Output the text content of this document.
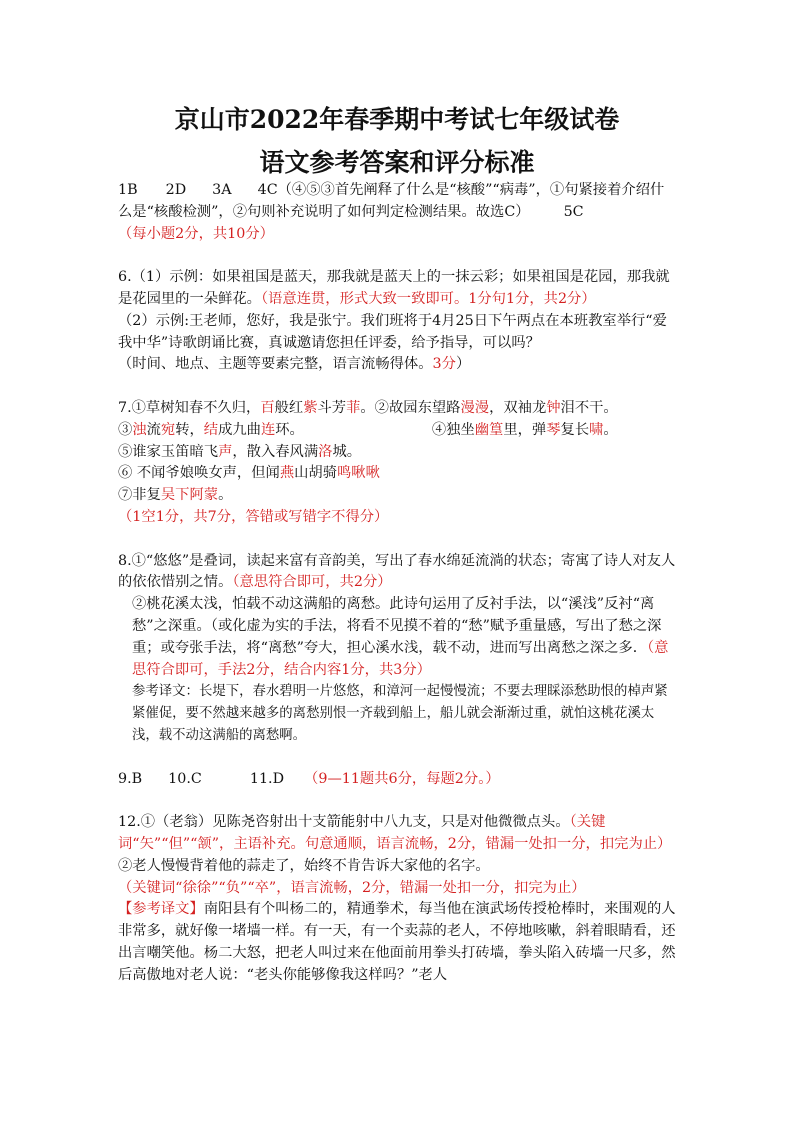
京山市2022年春季期中考试七年级试卷
语文参考答案和评分标准

1B 2D 3A 4C（④⑤③首先阐释了什么是“核酸”“病毒”，①句紧接着介绍什么是“核酸检测”，②句则补充说明了如何判定检测结果。故选C） 5C

（每小题2分，共10分）

6.（1）示例：如果祖国是蓝天，那我就是蓝天上的一抹云彩；如果祖国是花园，那我就是花园里的一朵鲜花。（语意连贯，形式大致一致即可。1分句1分，共2分）

（2）示例:王老师，您好，我是张宁。我们班将于4月25日下午两点在本班教室举行“爱我中华”诗歌朗诵比赛，真诚邀请您担任评委，给予指导，可以吗？

（时间、地点、主题等要素完整，语言流畅得体。3分）

7.①草树知春不久归，百般红紫斗芳菲。②故园东望路漫漫，双袖龙钟泪不干。

③浊流宛转，结成九曲连环。	④独坐幽篁里，弹琴复长啸。

⑤谁家玉笛暗飞声，散入春风满洛城。

⑥ 不闻爷娘唤女声，但闻燕山胡骑鸣啾啾

⑦非复吴下阿蒙。

（1空1分，共7分，答错或写错字不得分）

8.①“悠悠”是叠词，读起来富有音韵美，写出了春水绵延流淌的状态；寄寓了诗人对友人的依依惜别之情。（意思符合即可，共2分）

②桃花溪太浅，怕载不动这满船的离愁。此诗句运用了反衬手法，以“溪浅”反衬“离愁”之深重。（或化虚为实的手法，将看不见摸不着的“愁”赋予重量感，写出了愁之深重；或夸张手法，将“离愁”夸大，担心溪水浅，载不动，进而写出离愁之深之多．（意思符合即可，手法2分，结合内容1分，共3分）

参考译文：长堤下，春水碧明一片悠悠，和漳河一起慢慢流；不要去理睬添愁助恨的棹声紧紧催促，要不然越来越多的离愁别恨一齐载到船上，船儿就会渐渐过重，就怕这桃花溪太浅，载不动这满船的离愁啊。

9.B 10.C	11.D （9—11题共6分，每题2分。）

12.①（老翁）见陈尧咨射出十支箭能射中八九支，只是对他微微点头。（关键词“矢”“但”“颔”，主语补充。句意通顺，语言流畅，2分，错漏一处扣一分，扣完为止）

②老人慢慢背着他的蒜走了，始终不肯告诉大家他的名字。

（关键词“徐徐”“负”“卒”，语言流畅，2分，错漏一处扣一分，扣完为止）

【参考译文】南阳县有个叫杨二的，精通拳术，每当他在演武场传授枪棒时，来围观的人非常多，就好像一堵墙一样。有一天，有一个卖蒜的老人，不停地咳嗽，斜着眼睛看，还出言嘲笑他。杨二大怒，把老人叫过来在他面前用拳头打砖墙，拳头陷入砖墙一尺多，然后高傲地对老人说：“老头你能够像我这样吗？”老人
